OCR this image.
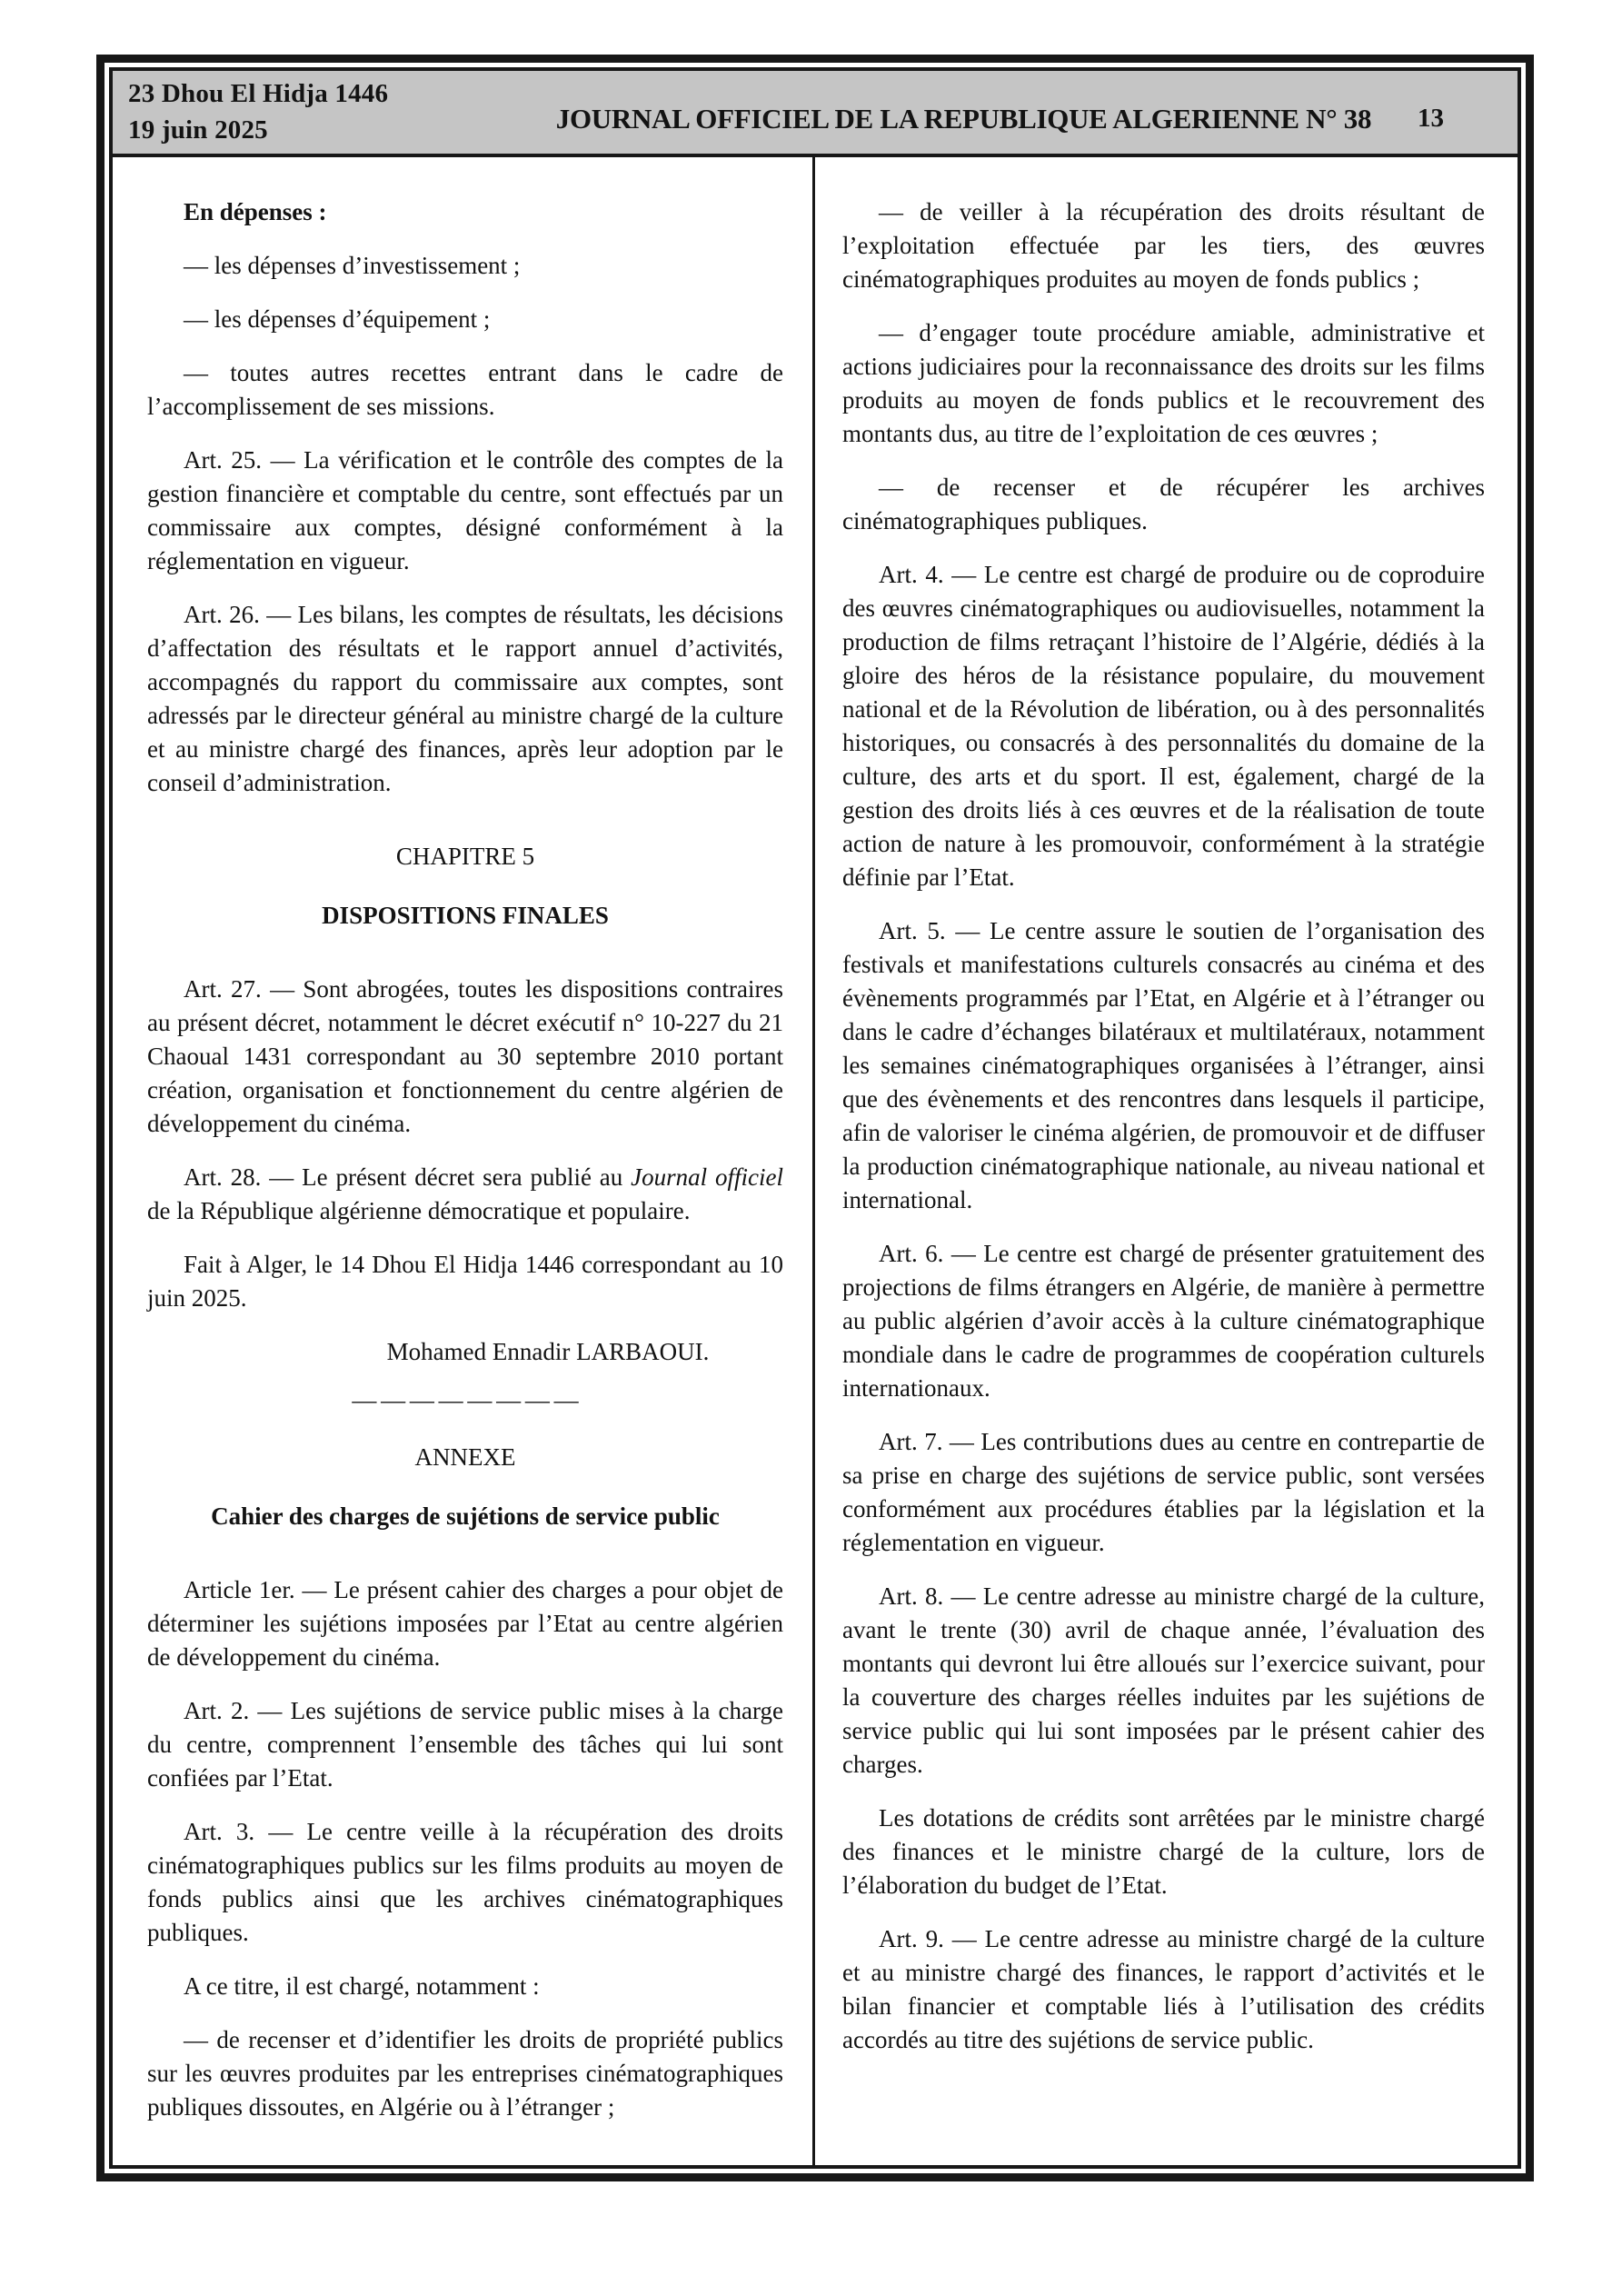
23 Dhou El Hidja 1446
19 juin 2025	JOURNAL OFFICIEL DE LA REPUBLIQUE ALGERIENNE N° 38	13

En dépenses :

— les dépenses d’investissement ;

— les dépenses d’équipement ;

— toutes autres recettes entrant dans le cadre de l’accomplissement de ses missions.

Art. 25. — La vérification et le contrôle des comptes de la gestion financière et comptable du centre, sont effectués par un commissaire aux comptes, désigné conformément à la réglementation en vigueur.

Art. 26. — Les bilans, les comptes de résultats, les décisions d’affectation des résultats et le rapport annuel d’activités, accompagnés du rapport du commissaire aux comptes, sont adressés par le directeur général au ministre chargé de la culture et au ministre chargé des finances, après leur adoption par le conseil d’administration.

CHAPITRE 5

DISPOSITIONS FINALES

Art. 27. — Sont abrogées, toutes les dispositions contraires au présent décret, notamment le décret exécutif n° 10-227 du 21 Chaoual 1431 correspondant au 30 septembre 2010 portant création, organisation et fonctionnement du centre algérien de développement du cinéma.

Art. 28. — Le présent décret sera publié au Journal officiel de la République algérienne démocratique et populaire.

Fait à Alger, le 14 Dhou El Hidja 1446 correspondant au 10 juin 2025.

Mohamed Ennadir LARBAOUI.

— — — — — — — —

ANNEXE

Cahier des charges de sujétions de service public

Article 1er. — Le présent cahier des charges a pour objet de déterminer les sujétions imposées par l’Etat au centre algérien de développement du cinéma.

Art. 2. — Les sujétions de service public mises à la charge du centre, comprennent l’ensemble des tâches qui lui sont confiées par l’Etat.

Art. 3. — Le centre veille à la récupération des droits cinématographiques publics sur les films produits au moyen de fonds publics ainsi que les archives cinématographiques publiques.

A ce titre, il est chargé, notamment :

— de recenser et d’identifier les droits de propriété publics sur les œuvres produites par les entreprises cinématographiques publiques dissoutes, en Algérie ou à l’étranger ;

— de veiller à la récupération des droits résultant de l’exploitation effectuée par les tiers, des œuvres cinématographiques produites au moyen de fonds publics ;

— d’engager toute procédure amiable, administrative et actions judiciaires pour la reconnaissance des droits sur les films produits au moyen de fonds publics et le recouvrement des montants dus, au titre de l’exploitation de ces œuvres ;

— de recenser et de récupérer les archives cinématographiques publiques.

Art. 4. — Le centre est chargé de produire ou de coproduire des œuvres cinématographiques ou audiovisuelles, notamment la production de films retraçant l’histoire de l’Algérie, dédiés à la gloire des héros de la résistance populaire, du mouvement national et de la Révolution de libération, ou à des personnalités historiques, ou consacrés à des personnalités du domaine de la culture, des arts et du sport. Il est, également, chargé de la gestion des droits liés à ces œuvres et de la réalisation de toute action de nature à les promouvoir, conformément à la stratégie définie par l’Etat.

Art. 5. — Le centre assure le soutien de l’organisation des festivals et manifestations culturels consacrés au cinéma et des évènements programmés par l’Etat, en Algérie et à l’étranger ou dans le cadre d’échanges bilatéraux et multilatéraux, notamment les semaines cinématographiques organisées à l’étranger, ainsi que des évènements et des rencontres dans lesquels il participe, afin de valoriser le cinéma algérien, de promouvoir et de diffuser la production cinématographique nationale, au niveau national et international.

Art. 6. — Le centre est chargé de présenter gratuitement des projections de films étrangers en Algérie, de manière à permettre au public algérien d’avoir accès à la culture cinématographique mondiale dans le cadre de programmes de coopération culturels internationaux.

Art. 7. — Les contributions dues au centre en contrepartie de sa prise en charge des sujétions de service public, sont versées conformément aux procédures établies par la législation et la réglementation en vigueur.

Art. 8. — Le centre adresse au ministre chargé de la culture, avant le trente (30) avril de chaque année, l’évaluation des montants qui devront lui être alloués sur l’exercice suivant, pour la couverture des charges réelles induites par les sujétions de service public qui lui sont imposées par le présent cahier des charges.

Les dotations de crédits sont arrêtées par le ministre chargé des finances et le ministre chargé de la culture, lors de l’élaboration du budget de l’Etat.

Art. 9. — Le centre adresse au ministre chargé de la culture et au ministre chargé des finances, le rapport d’activités et le bilan financier et comptable liés à l’utilisation des crédits accordés au titre des sujétions de service public.
